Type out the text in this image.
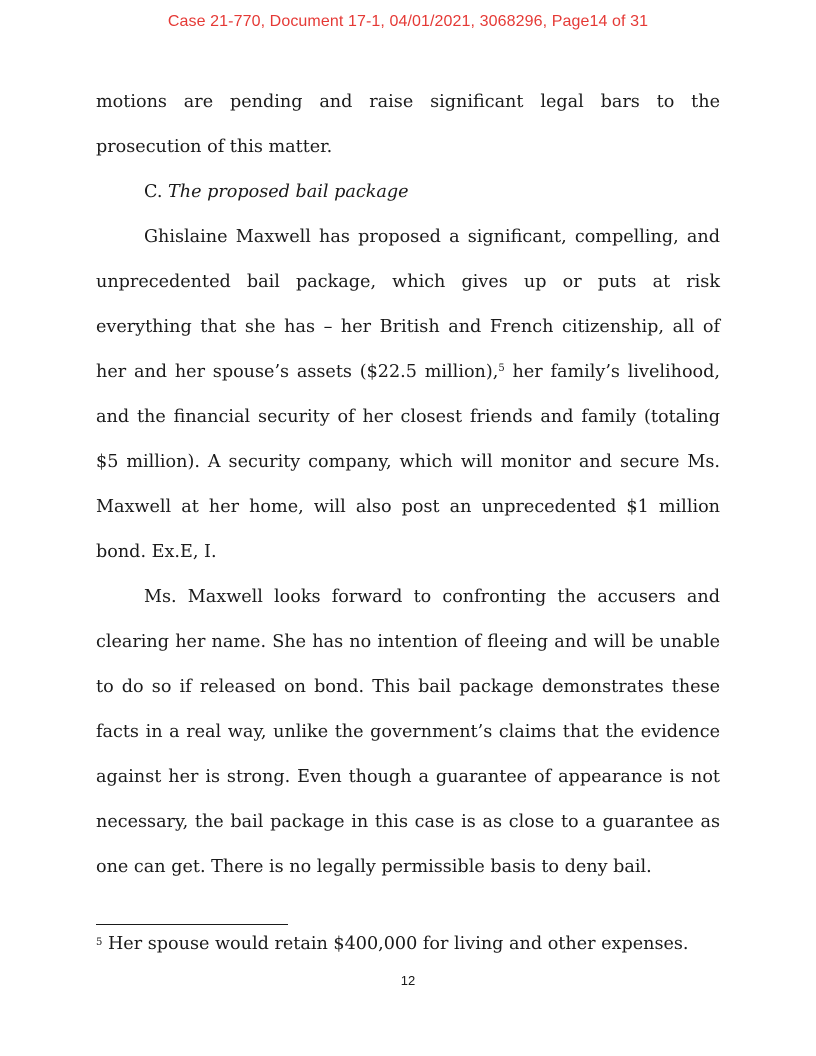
Case 21-770, Document 17-1, 04/01/2021, 3068296, Page14 of 31

motions are pending and raise significant legal bars to the prosecution of this matter.

C. The proposed bail package

Ghislaine Maxwell has proposed a significant, compelling, and unprecedented bail package, which gives up or puts at risk everything that she has – her British and French citizenship, all of her and her spouse’s assets ($22.5 million),$^5$ her family’s livelihood, and the financial security of her closest friends and family (totaling $5 million). A security company, which will monitor and secure Ms. Maxwell at her home, will also post an unprecedented $1 million bond. Ex.E, I.

Ms. Maxwell looks forward to confronting the accusers and clearing her name. She has no intention of fleeing and will be unable to do so if released on bond. This bail package demonstrates these facts in a real way, unlike the government’s claims that the evidence against her is strong. Even though a guarantee of appearance is not necessary, the bail package in this case is as close to a guarantee as one can get. There is no legally permissible basis to deny bail.

$^5$ Her spouse would retain $400,000 for living and other expenses.
12
